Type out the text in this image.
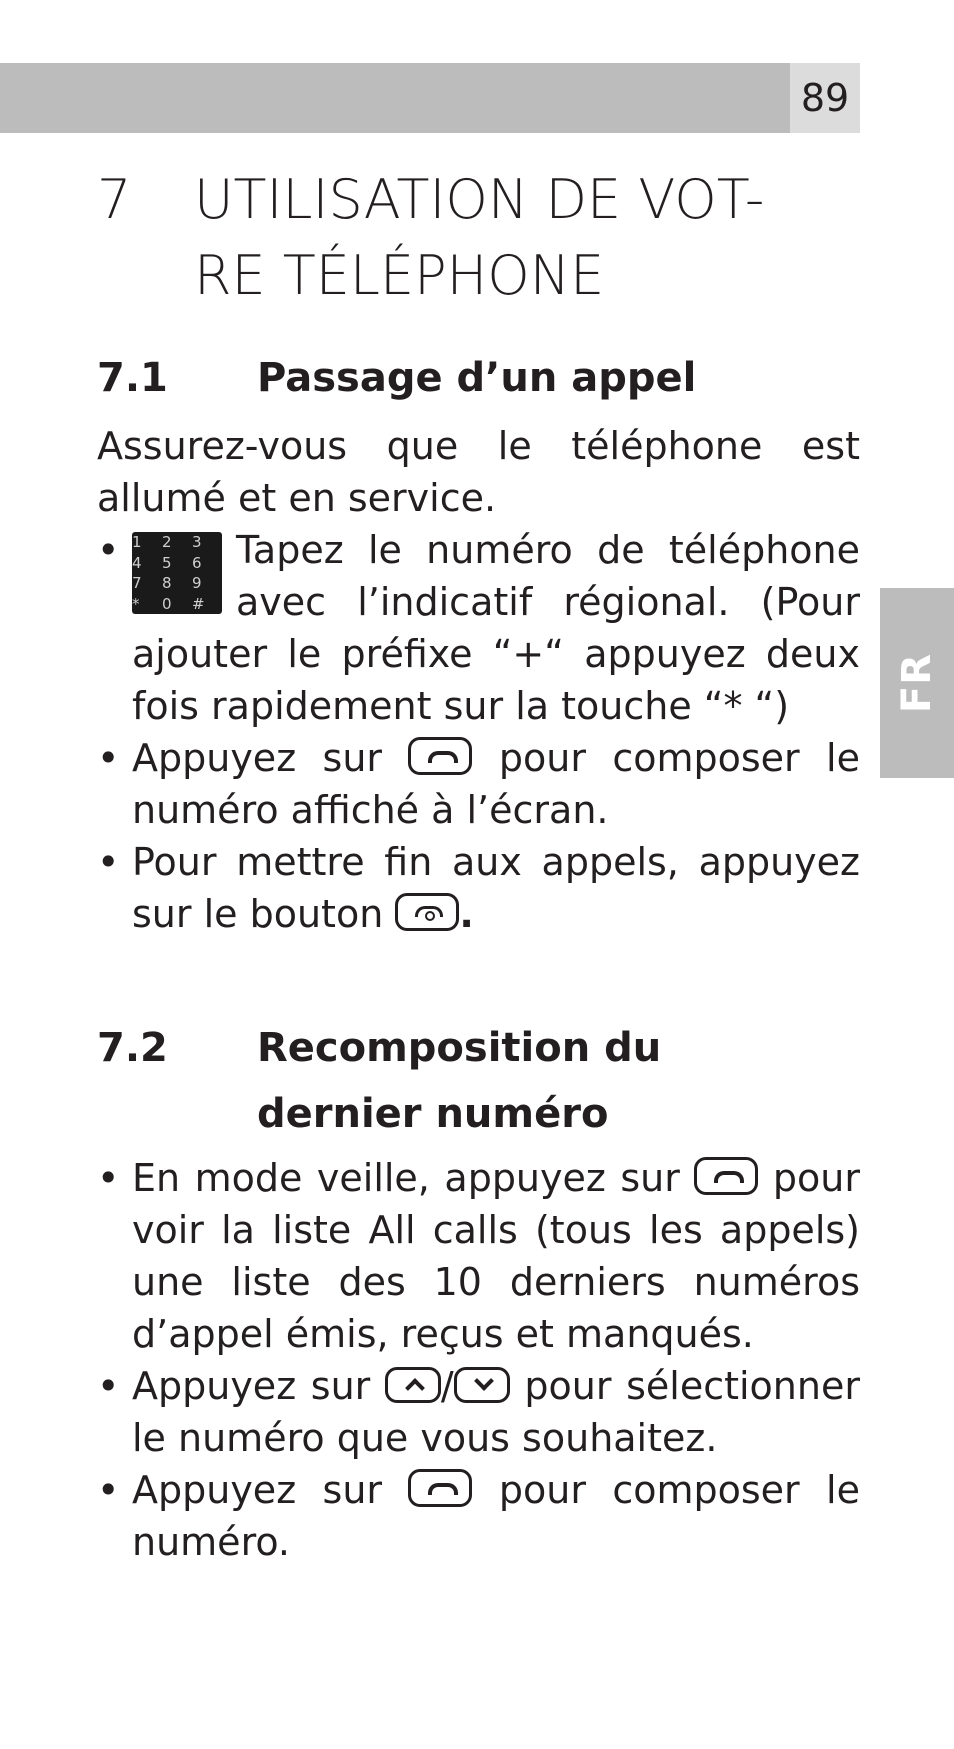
89
FR
7 UTILISATION DE VOT-RE TÉLÉPHONE
7.1 Passage d’un appel
Assurez-vous que le téléphone est allumé et en service.
• 1	2	3
4	5	6
7	8	9
*	0	#
Tapez le numéro de téléphone avec l’indicatif régional. (Pour ajouter le préfixe “+“ appuyez deux fois rapidement sur la touche “* “)
• Appuyez sur	pour composer le numéro affiché à l’écran.
• Pour mettre fin aux appels, appuyez sur le bouton .
7.2 Recomposition du dernier numéro
• En mode veille, appuyez sur pour voir la liste All calls (tous les appels) une liste des 10 derniers numéros d’appel émis, reçus et manqués.
• Appuyez sur / pour sélectionner le numéro que vous souhaitez.
• Appuyez sur	pour composer le numéro.
